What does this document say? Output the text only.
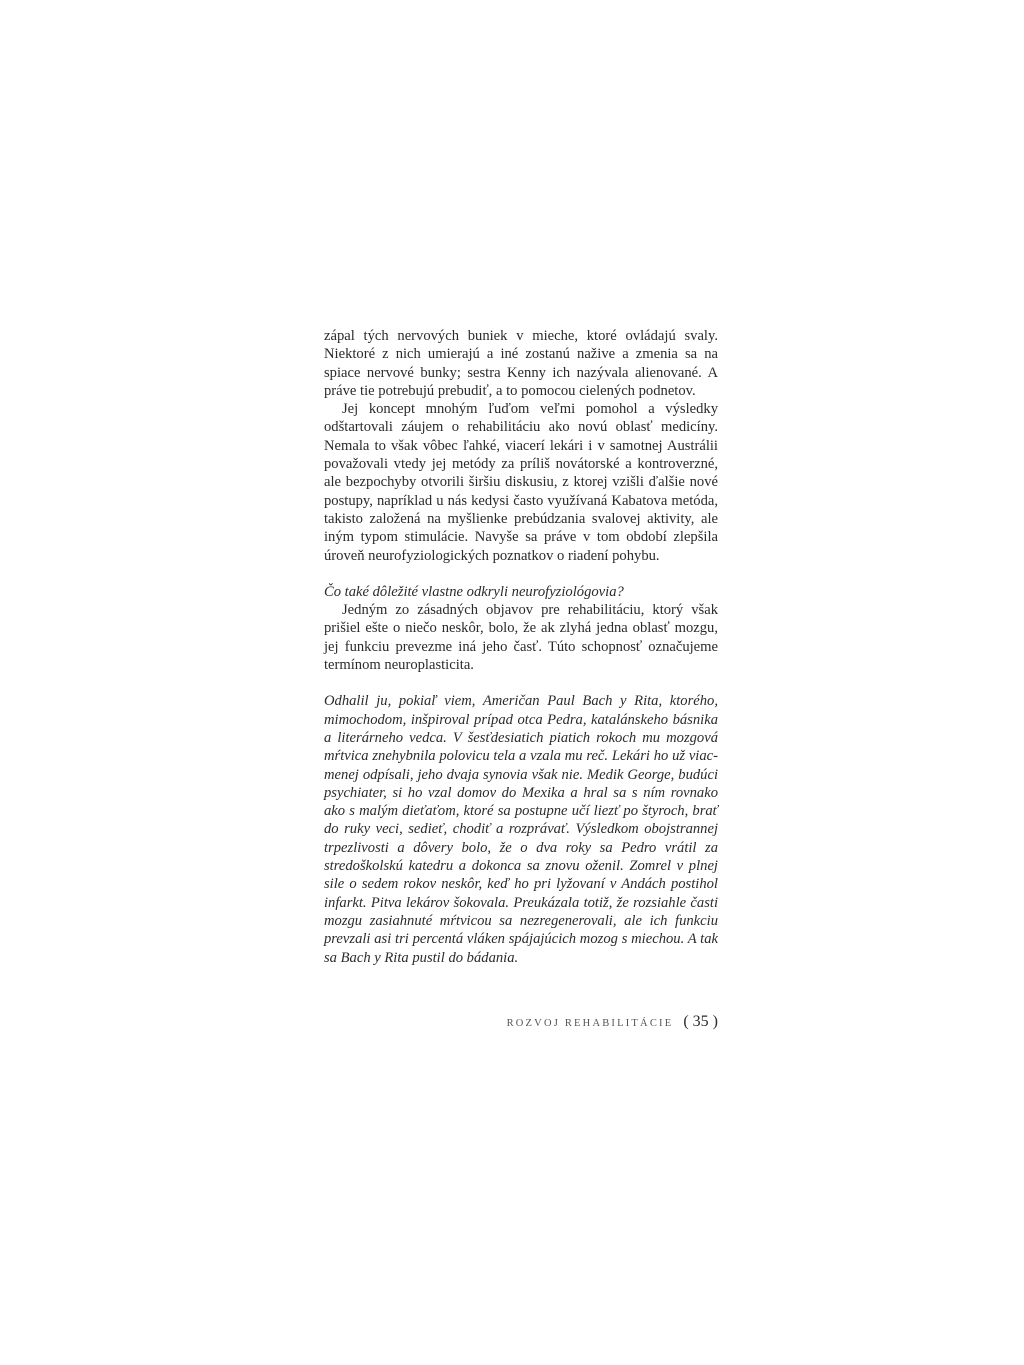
zápal tých nervových buniek v mieche, ktoré ovládajú svaly. Niektoré z nich umierajú a iné zostanú nažive a zmenia sa na spiace nervové bunky; sestra Kenny ich nazývala alienované. A práve tie potrebujú prebudiť, a to pomocou cielených podnetov.

Jej koncept mnohým ľuďom veľmi pomohol a výsledky odštartovali záujem o rehabilitáciu ako novú oblasť medicíny. Nemala to však vôbec ľahké, viacerí lekári i v samotnej Austrálii považovali vtedy jej metódy za príliš novátorské a kontroverzné, ale bezpochyby otvorili širšiu diskusiu, z ktorej vzišli ďalšie nové postupy, napríklad u nás kedysi často využívaná Kabatova metóda, takisto založená na myšlienke prebúdzania svalovej aktivity, ale iným typom stimulácie. Navyše sa práve v tom období zlepšila úroveň neurofyziologických poznatkov o riadení pohybu.

Čo také dôležité vlastne odkryli neurofyziológovia?

Jedným zo zásadných objavov pre rehabilitáciu, ktorý však prišiel ešte o niečo neskôr, bolo, že ak zlyhá jedna oblasť mozgu, jej funkciu prevezme iná jeho časť. Túto schopnosť označujeme termínom neuroplasticita.

Odhalil ju, pokiaľ viem, Američan Paul Bach y Rita, ktorého, mimochodom, inšpiroval prípad otca Pedra, katalánskeho básnika a literárneho vedca. V šesťdesiatich piatich rokoch mu mozgová mŕtvica znehybnila polovicu tela a vzala mu reč. Lekári ho už viac-menej odpísali, jeho dvaja synovia však nie. Medik George, budúci psychiater, si ho vzal domov do Mexika a hral sa s ním rovnako ako s malým dieťaťom, ktoré sa postupne učí liezť po štyroch, brať do ruky veci, sedieť, chodiť a rozprávať. Výsledkom obojstrannej trpezlivosti a dôvery bolo, že o dva roky sa Pedro vrátil za stredoškolskú katedru a dokonca sa znovu oženil. Zomrel v plnej sile o sedem rokov neskôr, keď ho pri lyžovaní v Andách postihol infarkt. Pitva lekárov šokovala. Preukázala totiž, že rozsiahle časti mozgu zasiahnuté mŕtvicou sa nezregenerovali, ale ich funkciu prevzali asi tri percentá vláken spájajúcich mozog s miechou. A tak sa Bach y Rita pustil do bádania.

ROZVOJ REHABILITÁCIE ( 35 )
